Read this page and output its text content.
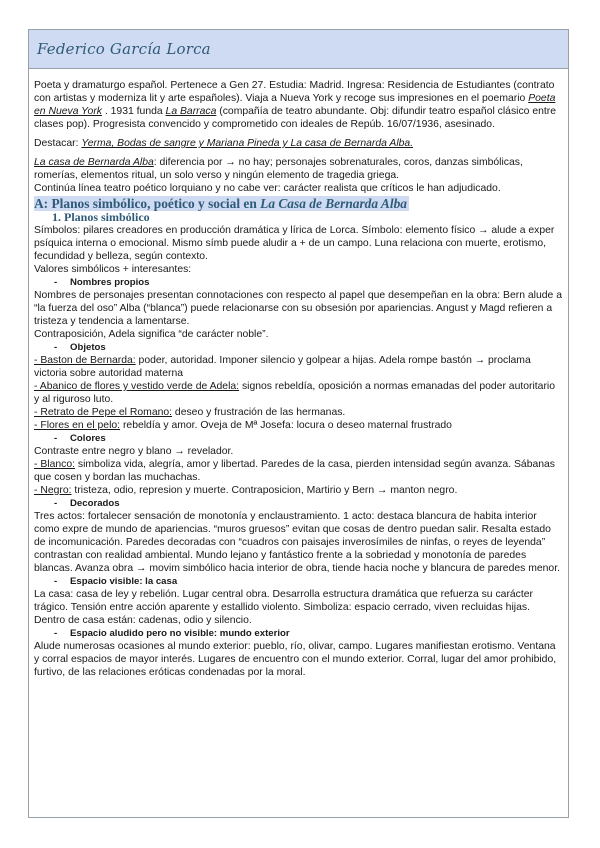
Federico García Lorca

Poeta y dramaturgo español. Pertenece a Gen 27. Estudia: Madrid. Ingresa: Residencia de Estudiantes (contrato con artistas y moderniza lit y arte españoles). Viaja a Nueva York y recoge sus impresiones en el poemario Poeta en Nueva York . 1931 funda La Barraca (compañía de teatro abundante. Obj: difundir teatro español clásico entre clases pop). Progresista convencido y comprometido con ideales de Repúb. 16/07/1936, asesinado.

Destacar: Yerma, Bodas de sangre y Mariana Pineda y La casa de Bernarda Alba.

La casa de Bernarda Alba: diferencia por → no hay; personajes sobrenaturales, coros, danzas simbólicas, romerías, elementos ritual, un solo verso y ningún elemento de tragedia griega.

Continúa línea teatro poético lorquiano y no cabe ver: carácter realista que críticos le han adjudicado.

A: Planos simbólico, poético y social en La Casa de Bernarda Alba
1. Planos simbólico

Símbolos: pilares creadores en producción dramática y lírica de Lorca. Símbolo: elemento físico → alude a exper psíquica interna o emocional. Mismo símb puede aludir a + de un campo. Luna relaciona con muerte, erotismo, fecundidad y belleza, según contexto.

Valores simbólicos + interesantes:

- Nombres propios

Nombres de personajes presentan connotaciones con respecto al papel que desempeñan en la obra: Bern alude a “la fuerza del oso” Alba (“blanca”) puede relacionarse con su obsesión por apariencias. Angust y Magd refieren a tristeza y tendencia a lamentarse.

Contraposición, Adela significa “de carácter noble”.

- Objetos

- Baston de Bernarda: poder, autoridad. Imponer silencio y golpear a hijas. Adela rompe bastón → proclama victoria sobre autoridad materna

- Abanico de flores y vestido verde de Adela: signos rebeldía, oposición a normas emanadas del poder autoritario y al riguroso luto.

- Retrato de Pepe el Romano: deseo y frustración de las hermanas.

- Flores en el pelo: rebeldía y amor. Oveja de Mª Josefa: locura o deseo maternal frustrado

- Colores

Contraste entre negro y blano → revelador.

- Blanco: simboliza vida, alegría, amor y libertad. Paredes de la casa, pierden intensidad según avanza. Sábanas que cosen y bordan las muchachas.

- Negro: tristeza, odio, represion y muerte. Contraposicion, Martirio y Bern → manton negro.

- Decorados

Tres actos: fortalecer sensación de monotonía y enclaustramiento. 1 acto: destaca blancura de habita interior como expre de mundo de apariencias. “muros gruesos” evitan que cosas de dentro puedan salir. Resalta estado de incomunicación. Paredes decoradas con “cuadros con paisajes inverosímiles de ninfas, o reyes de leyenda” contrastan con realidad ambiental. Mundo lejano y fantástico frente a la sobriedad y monotonía de paredes blancas. Avanza obra → movim simbólico hacia interior de obra, tiende hacia noche y blancura de paredes menor.

- Espacio visible: la casa

La casa: casa de ley y rebelión. Lugar central obra. Desarrolla estructura dramática que refuerza su carácter trágico. Tensión entre acción aparente y estallido violento. Simboliza: espacio cerrado, viven recluidas hijas. Dentro de casa están: cadenas, odio y silencio.

- Espacio aludido pero no visible: mundo exterior

Alude numerosas ocasiones al mundo exterior: pueblo, río, olivar, campo. Lugares manifiestan erotismo. Ventana y corral espacios de mayor interés. Lugares de encuentro con el mundo exterior. Corral, lugar del amor prohibido, furtivo, de las relaciones eróticas condenadas por la moral.
